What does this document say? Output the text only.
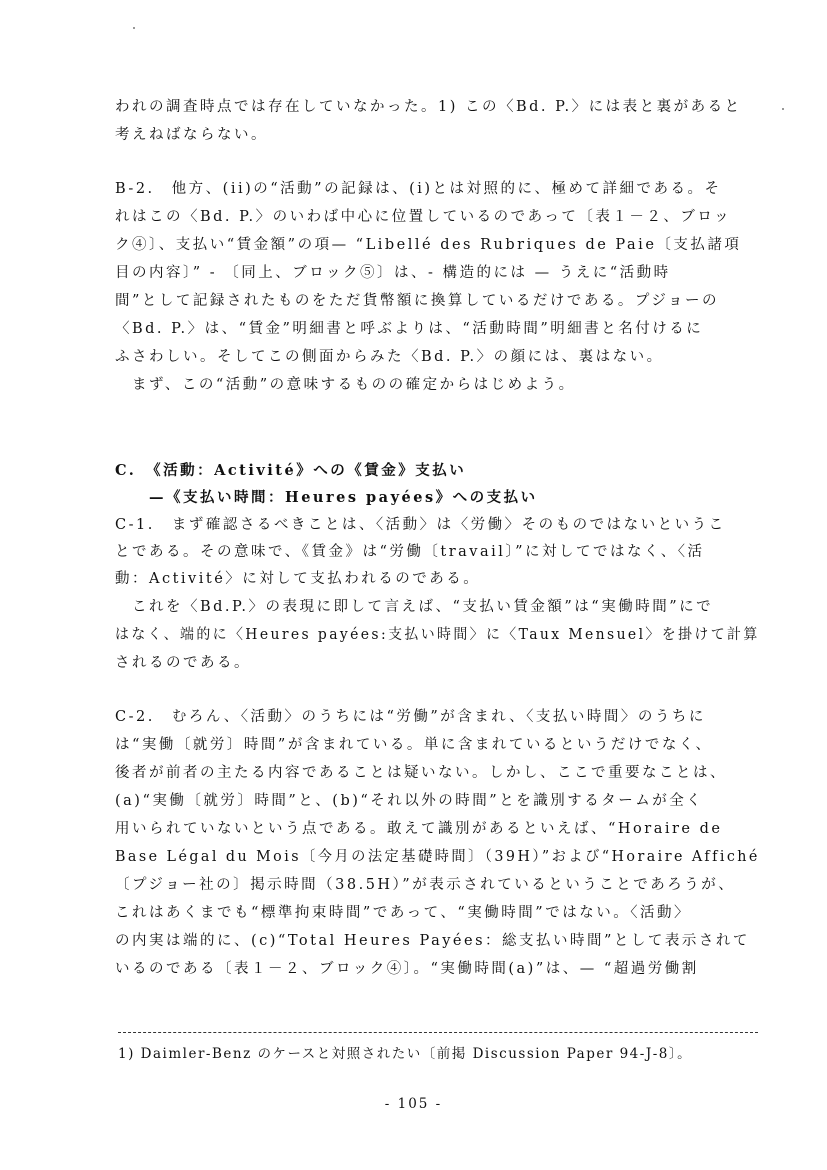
われの調査時点では存在していなかった。1) この〈Bd. P.〉には表と裏があると
考えねばならない。
B-2.　他方、(ii)の“活動”の記録は、(i)とは対照的に、極めて詳細である。そ
れはこの〈Bd. P.〉のいわば中心に位置しているのであって〔表１－２、ブロッ
ク④〕、支払い“賃金額”の項— “Libellé des Rubriques de Paie〔支払諸項
目の内容〕” - 〔同上、ブロック⑤〕は、- 構造的には — うえに“活動時
間”として記録されたものをただ貨幣額に換算しているだけである。プジョーの
〈Bd. P.〉は、“賃金”明細書と呼ぶよりは、“活動時間”明細書と名付けるに
ふさわしい。そしてこの側面からみた〈Bd. P.〉の顔には、裏はない。
　まず、この“活動”の意味するものの確定からはじめよう。
C.　《活動：Activité》への《賃金》支払い
　　—《支払い時間：Heures payées》への支払い
C-1.　まず確認さるべきことは、〈活動〉は〈労働〉そのものではないというこ
とである。その意味で、《賃金》は“労働〔travail〕”に対してではなく、〈活
動：Activité〉に対して支払われるのである。
　これを〈Bd.P.〉の表現に即して言えば、“支払い賃金額”は“実働時間”にで
はなく、端的に〈Heures payées:支払い時間〉に〈Taux Mensuel〉を掛けて計算
されるのである。
C-2.　むろん、〈活動〉のうちには“労働”が含まれ、〈支払い時間〉のうちに
は“実働〔就労〕時間”が含まれている。単に含まれているというだけでなく、
後者が前者の主たる内容であることは疑いない。しかし、ここで重要なことは、
(a)“実働〔就労〕時間”と、(b)“それ以外の時間”とを識別するタームが全く
用いられていないという点である。敢えて識別があるといえば、“Horaire de
Base Légal du Mois〔今月の法定基礎時間〕（39H）”および“Horaire Affiché
〔プジョー社の〕掲示時間（38.5H）”が表示されているということであろうが、
これはあくまでも“標準拘束時間”であって、“実働時間”ではない。〈活動〉
の内実は端的に、(c)“Total Heures Payées：総支払い時間”として表示されて
いるのである〔表１－２、ブロック④〕。“実働時間(a)”は、— “超過労働割
1) Daimler-Benz のケースと対照されたい〔前掲 Discussion Paper 94-J-8〕。
- 105 -
